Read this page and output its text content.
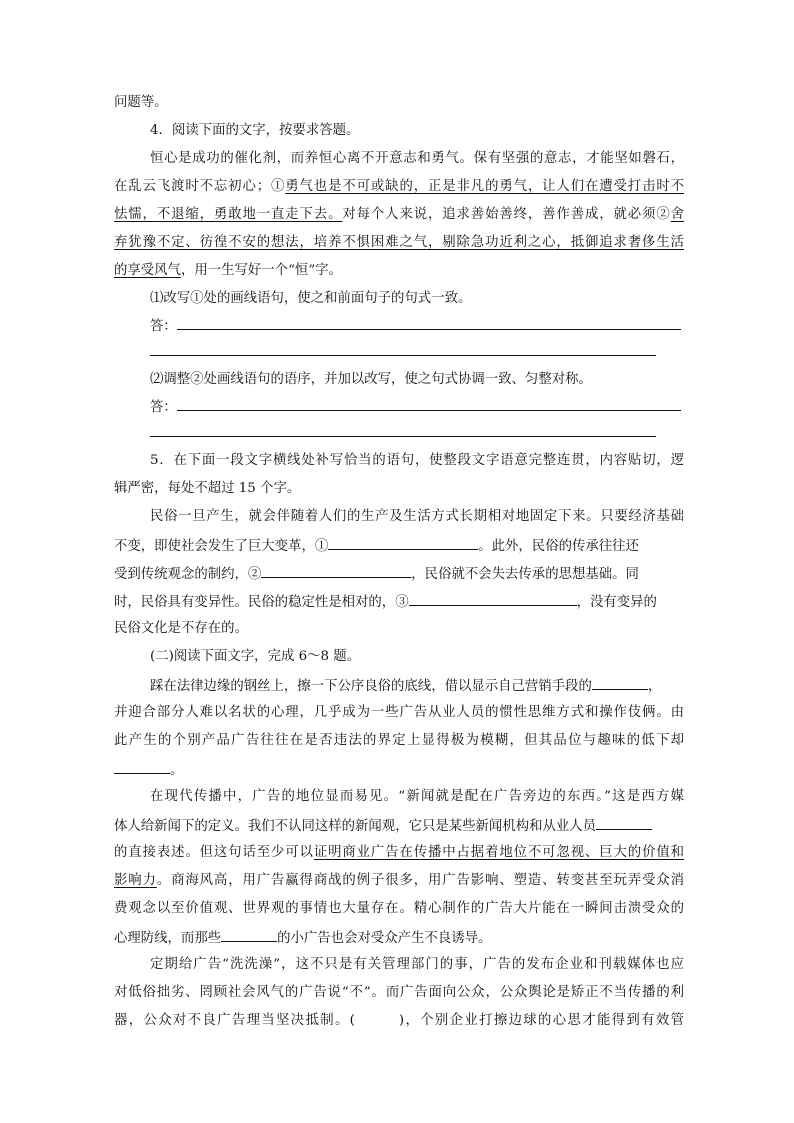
问题等。
4．阅读下面的文字，按要求答题。
恒心是成功的催化剂，而养恒心离不开意志和勇气。保有坚强的意志，才能坚如磐石，
在乱云飞渡时不忘初心；①勇气也是不可或缺的，正是非凡的勇气，让人们在遭受打击时不
怯懦，不退缩，勇敢地一直走下去。对每个人来说，追求善始善终，善作善成，就必须②舍
弃犹豫不定、彷徨不安的想法，培养不惧困难之气，剔除急功近利之心，抵御追求奢侈生活
的享受风气，用一生写好一个“恒”字。
⑴改写①处的画线语句，使之和前面句子的句式一致。
答：
⑵调整②处画线语句的语序，并加以改写，使之句式协调一致、匀整对称。
答：
5．在下面一段文字横线处补写恰当的语句，使整段文字语意完整连贯，内容贴切，逻
辑严密，每处不超过 15 个字。
民俗一旦产生，就会伴随着人们的生产及生活方式长期相对地固定下来。只要经济基础
不变，即使社会发生了巨大变革，①	。此外，民俗的传承往往还
受到传统观念的制约，②	，民俗就不会失去传承的思想基础。同
时，民俗具有变异性。民俗的稳定性是相对的，③	，没有变异的
民俗文化是不存在的。
(二)阅读下面文字，完成 6～8 题。
踩在法律边缘的钢丝上，擦一下公序良俗的底线，借以显示自己营销手段的	，
并迎合部分人难以名状的心理，几乎成为一些广告从业人员的惯性思维方式和操作伎俩。由
此产生的个别产品广告往往在是否违法的界定上显得极为模糊，但其品位与趣味的低下却
。
在现代传播中，广告的地位显而易见。“新闻就是配在广告旁边的东西。”这是西方媒
体人给新闻下的定义。我们不认同这样的新闻观，它只是某些新闻机构和从业人员
的直接表述。但这句话至少可以证明商业广告在传播中占据着地位不可忽视、巨大的价值和
影响力。商海风高，用广告赢得商战的例子很多，用广告影响、塑造、转变甚至玩弄受众消
费观念以至价值观、世界观的事情也大量存在。精心制作的广告大片能在一瞬间击溃受众的
心理防线，而那些	的小广告也会对受众产生不良诱导。
定期给广告“洗洗澡”，这不只是有关管理部门的事，广告的发布企业和刊载媒体也应
对低俗拙劣、罔顾社会风气的广告说“不”。而广告面向公众，公众舆论是矫正不当传播的利
器，公众对不良广告理当坚决抵制。(	)，个别企业打擦边球的心思才能得到有效管
